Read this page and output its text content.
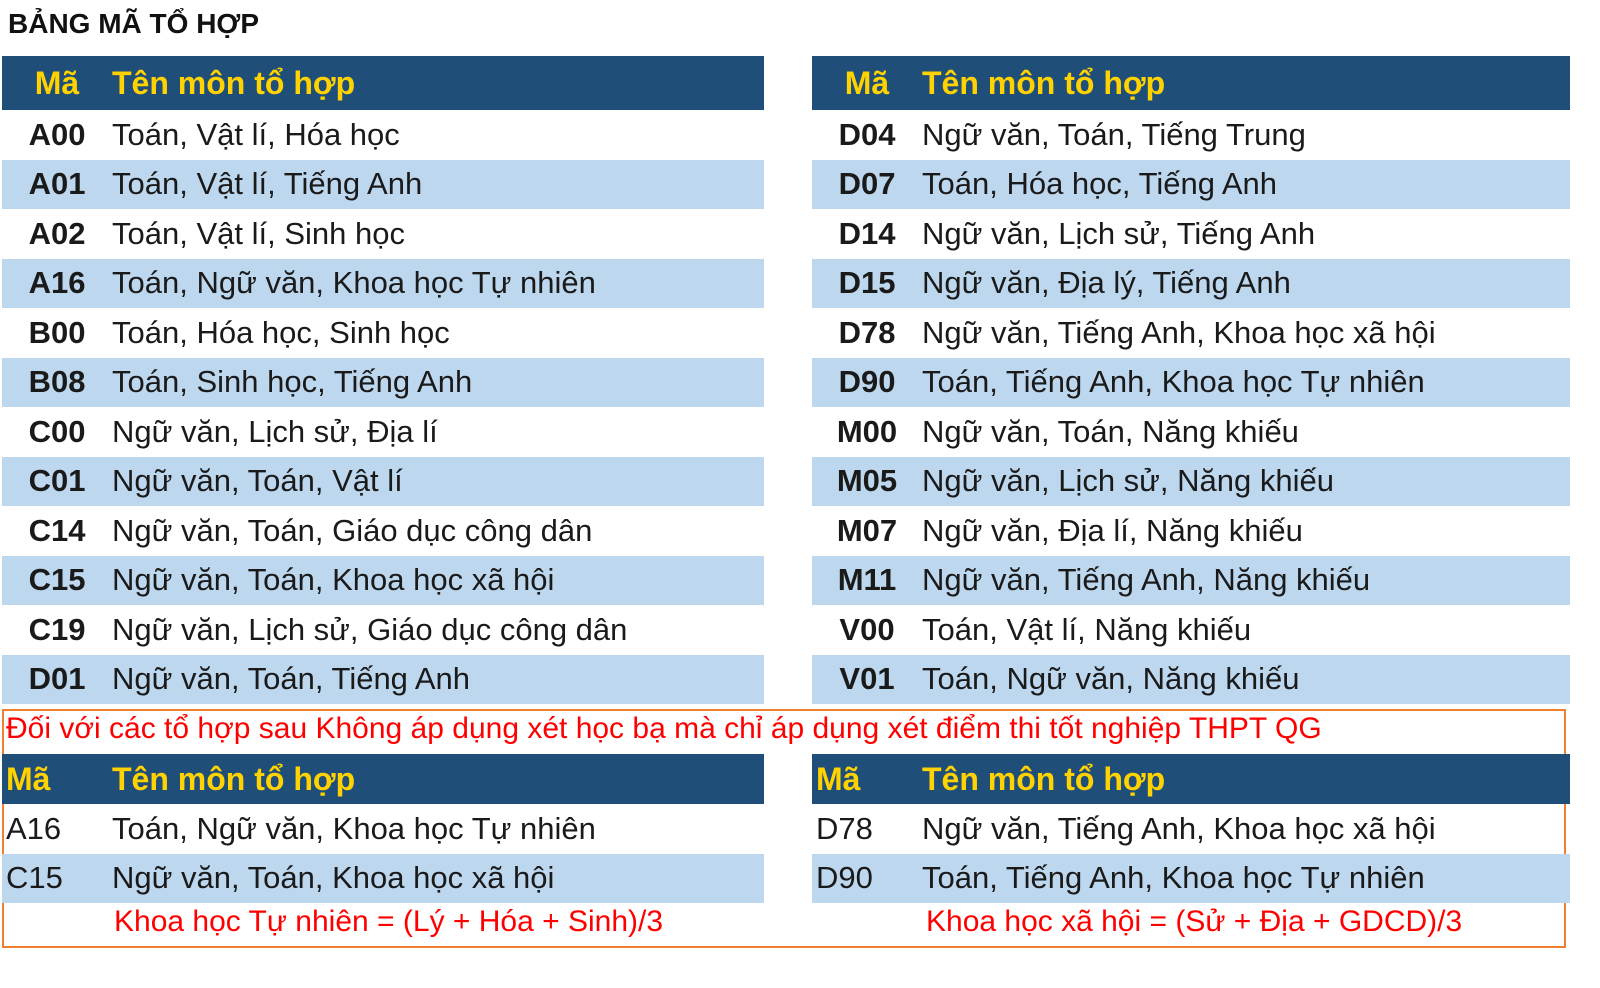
BẢNG MÃ TỔ HỢP
Mã	Tên môn tổ hợp
A00 Toán, Vật lí, Hóa học
A01 Toán, Vật lí, Tiếng Anh
A02 Toán, Vật lí, Sinh học
A16 Toán, Ngữ văn, Khoa học Tự nhiên
B00 Toán, Hóa học, Sinh học
B08 Toán, Sinh học, Tiếng Anh
C00 Ngữ văn, Lịch sử, Địa lí
C01 Ngữ văn, Toán, Vật lí
C14 Ngữ văn, Toán, Giáo dục công dân
C15 Ngữ văn, Toán, Khoa học xã hội
C19 Ngữ văn, Lịch sử, Giáo dục công dân
D01 Ngữ văn, Toán, Tiếng Anh
Mã	Tên môn tổ hợp
D04 Ngữ văn, Toán, Tiếng Trung
D07 Toán, Hóa học, Tiếng Anh
D14 Ngữ văn, Lịch sử, Tiếng Anh
D15 Ngữ văn, Địa lý, Tiếng Anh
D78 Ngữ văn, Tiếng Anh, Khoa học xã hội
D90 Toán, Tiếng Anh, Khoa học Tự nhiên
M00 Ngữ văn, Toán, Năng khiếu
M05 Ngữ văn, Lịch sử, Năng khiếu
M07 Ngữ văn, Địa lí, Năng khiếu
M11 Ngữ văn, Tiếng Anh, Năng khiếu
V00 Toán, Vật lí, Năng khiếu
V01 Toán, Ngữ văn, Năng khiếu
Đối với các tổ hợp sau Không áp dụng xét học bạ mà chỉ áp dụng xét điểm thi tốt nghiệp THPT QG
Mã	Tên môn tổ hợp
A16	Toán, Ngữ văn, Khoa học Tự nhiên
C15	Ngữ văn, Toán, Khoa học xã hội
Mã	Tên môn tổ hợp
D78	Ngữ văn, Tiếng Anh, Khoa học xã hội
D90	Toán, Tiếng Anh, Khoa học Tự nhiên
Khoa học Tự nhiên = (Lý + Hóa + Sinh)/3	Khoa học xã hội = (Sử + Địa + GDCD)/3
